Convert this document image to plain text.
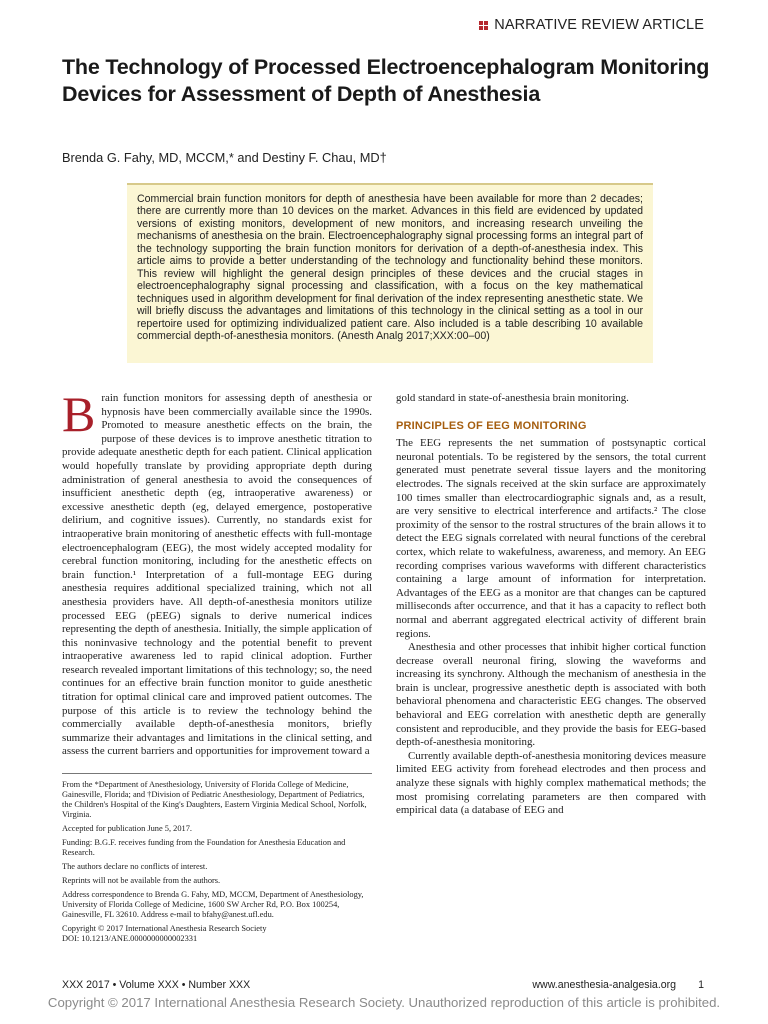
NARRATIVE REVIEW ARTICLE
The Technology of Processed Electroencephalogram Monitoring Devices for Assessment of Depth of Anesthesia
Brenda G. Fahy, MD, MCCM,* and Destiny F. Chau, MD†
Commercial brain function monitors for depth of anesthesia have been available for more than 2 decades; there are currently more than 10 devices on the market. Advances in this field are evidenced by updated versions of existing monitors, development of new monitors, and increasing research unveiling the mechanisms of anesthesia on the brain. Electroencephalography signal processing forms an integral part of the technology supporting the brain function monitors for derivation of a depth-of-anesthesia index. This article aims to provide a better understanding of the technology and functionality behind these monitors. This review will highlight the general design principles of these devices and the crucial stages in electroencephalography signal processing and classification, with a focus on the key mathematical techniques used in algorithm development for final derivation of the index representing anesthetic state. We will briefly discuss the advantages and limitations of this technology in the clinical setting as a tool in our repertoire used for optimizing individualized patient care. Also included is a table describing 10 available commercial depth-of-anesthesia monitors. (Anesth Analg 2017;XXX:00–00)

Brain function monitors for assessing depth of anesthesia or hypnosis have been commercially available since the 1990s. Promoted to measure anesthetic effects on the brain, the purpose of these devices is to improve anesthetic titration to provide adequate anesthetic depth for each patient. Clinical application would hopefully translate by providing appropriate depth during administration of general anesthesia to avoid the consequences of insufficient anesthetic depth (eg, intraoperative awareness) or excessive anesthetic depth (eg, delayed emergence, postoperative delirium, and cognitive issues). Currently, no standards exist for intraoperative brain monitoring of anesthetic effects with full-montage electroencephalogram (EEG), the most widely accepted modality for cerebral function monitoring, including for the anesthetic effects on brain function.¹ Interpretation of a full-montage EEG during anesthesia requires additional specialized training, which not all anesthesia providers have. All depth-of-anesthesia monitors utilize processed EEG (pEEG) signals to derive numerical indices representing the depth of anesthesia. Initially, the simple application of this noninvasive technology and the potential benefit to prevent intraoperative awareness led to rapid clinical adoption. Further research revealed important limitations of this technology; so, the need continues for an effective brain function monitor to guide anesthetic titration for optimal clinical care and improved patient outcomes. The purpose of this article is to review the technology behind the commercially available depth-of-anesthesia monitors, briefly summarize their advantages and limitations in the clinical setting, and assess the current barriers and opportunities for improvement toward a

gold standard in state-of-anesthesia brain monitoring.

PRINCIPLES OF EEG MONITORING

The EEG represents the net summation of postsynaptic cortical neuronal potentials. To be registered by the sensors, the total current generated must penetrate several tissue layers and the monitoring electrodes. The signals received at the skin surface are approximately 100 times smaller than electrocardiographic signals and, as a result, are very sensitive to electrical interference and artifacts.² The close proximity of the sensor to the rostral structures of the brain allows it to detect the EEG signals correlated with neural functions of the cerebral cortex, which relate to wakefulness, awareness, and memory. An EEG recording comprises various waveforms with different characteristics containing a large amount of information for interpretation. Advantages of the EEG as a monitor are that changes can be captured milliseconds after occurrence, and that it has a capacity to reflect both normal and aberrant aggregated electrical activity of different brain regions.

Anesthesia and other processes that inhibit higher cortical function decrease overall neuronal firing, slowing the waveforms and increasing its synchrony. Although the mechanism of anesthesia in the brain is unclear, progressive anesthetic depth is associated with both behavioral phenomena and characteristic EEG changes. The observed behavioral and EEG correlation with anesthetic depth are generally consistent and reproducible, and they provide the basis for EEG-based depth-of-anesthesia monitoring.

Currently available depth-of-anesthesia monitoring devices measure limited EEG activity from forehead electrodes and then process and analyze these signals with highly complex mathematical methods; the most promising correlating parameters are then compared with empirical data (a database of EEG and

From the *Department of Anesthesiology, University of Florida College of Medicine, Gainesville, Florida; and †Division of Pediatric Anesthesiology, Department of Pediatrics, the Children's Hospital of the King's Daughters, Eastern Virginia Medical School, Norfolk, Virginia.

Accepted for publication June 5, 2017.

Funding: B.G.F. receives funding from the Foundation for Anesthesia Education and Research.

The authors declare no conflicts of interest.

Reprints will not be available from the authors.

Address correspondence to Brenda G. Fahy, MD, MCCM, Department of Anesthesiology, University of Florida College of Medicine, 1600 SW Archer Rd, P.O. Box 100254, Gainesville, FL 32610. Address e-mail to bfahy@anest.ufl.edu.

Copyright © 2017 International Anesthesia Research Society

DOI: 10.1213/ANE.0000000000002331

XXX 2017 • Volume XXX • Number XXX	www.anesthesia-analgesia.org 1
Copyright © 2017 International Anesthesia Research Society. Unauthorized reproduction of this article is prohibited.
